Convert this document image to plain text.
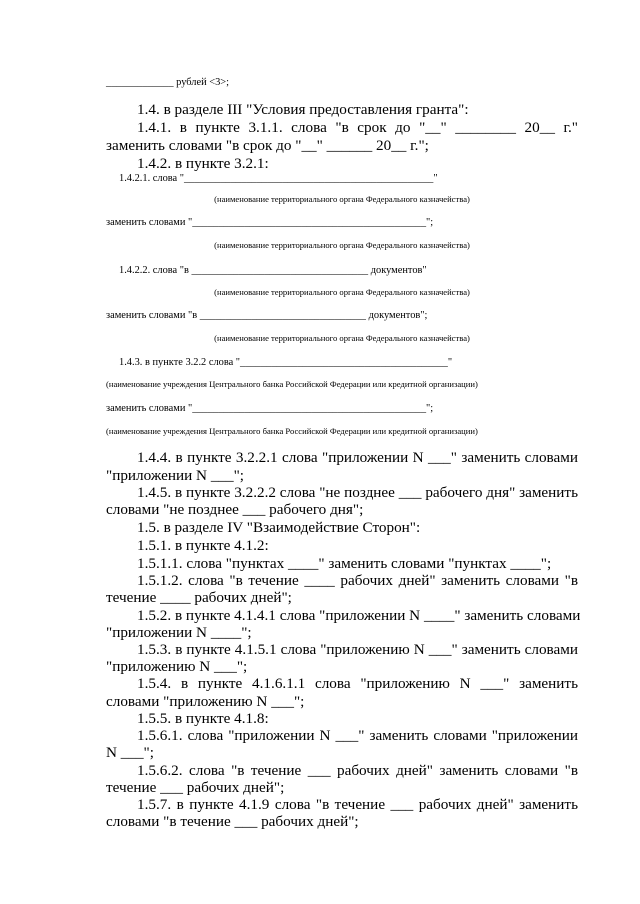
_____________ рублей <3>;
1.4. в разделе III "Условия предоставления гранта":
1.4.1. в пункте 3.1.1. слова "в срок до "__" ________ 20__ г."
заменить словами "в срок до "__" ______ 20__ г.";
1.4.2. в пункте 3.2.1:
1.4.2.1. слова "________________________________________________"
(наименование территориального органа Федерального казначейства)
заменить словами "_____________________________________________";
(наименование территориального органа Федерального казначейства)
1.4.2.2. слова "в __________________________________ документов"
(наименование территориального органа Федерального казначейства)
заменить словами "в ________________________________ документов";
(наименование территориального органа Федерального казначейства)
1.4.3. в пункте 3.2.2 слова "________________________________________"
(наименование учреждения Центрального банка Российской Федерации или кредитной организации)
заменить словами "_____________________________________________";
(наименование учреждения Центрального банка Российской Федерации или кредитной организации)
1.4.4. в пункте 3.2.2.1 слова "приложении N ___" заменить словами
"приложении N ___";
1.4.5. в пункте 3.2.2.2 слова "не позднее ___ рабочего дня" заменить
словами "не позднее ___ рабочего дня";
1.5. в разделе IV "Взаимодействие Сторон":
1.5.1. в пункте 4.1.2:
1.5.1.1. слова "пунктах ____" заменить словами "пунктах ____";
1.5.1.2. слова "в течение ____ рабочих дней" заменить словами "в
течение ____ рабочих дней";
1.5.2. в пункте 4.1.4.1 слова "приложении N ____" заменить словами
"приложении N ____";
1.5.3. в пункте 4.1.5.1 слова "приложению N ___" заменить словами
"приложению N ___";
1.5.4. в пункте 4.1.6.1.1 слова "приложению N ___" заменить
словами "приложению N ___";
1.5.5. в пункте 4.1.8:
1.5.6.1. слова "приложении N ___" заменить словами "приложении
N ___";
1.5.6.2. слова "в течение ___ рабочих дней" заменить словами "в
течение ___ рабочих дней";
1.5.7. в пункте 4.1.9 слова "в течение ___ рабочих дней" заменить
словами "в течение ___ рабочих дней";
